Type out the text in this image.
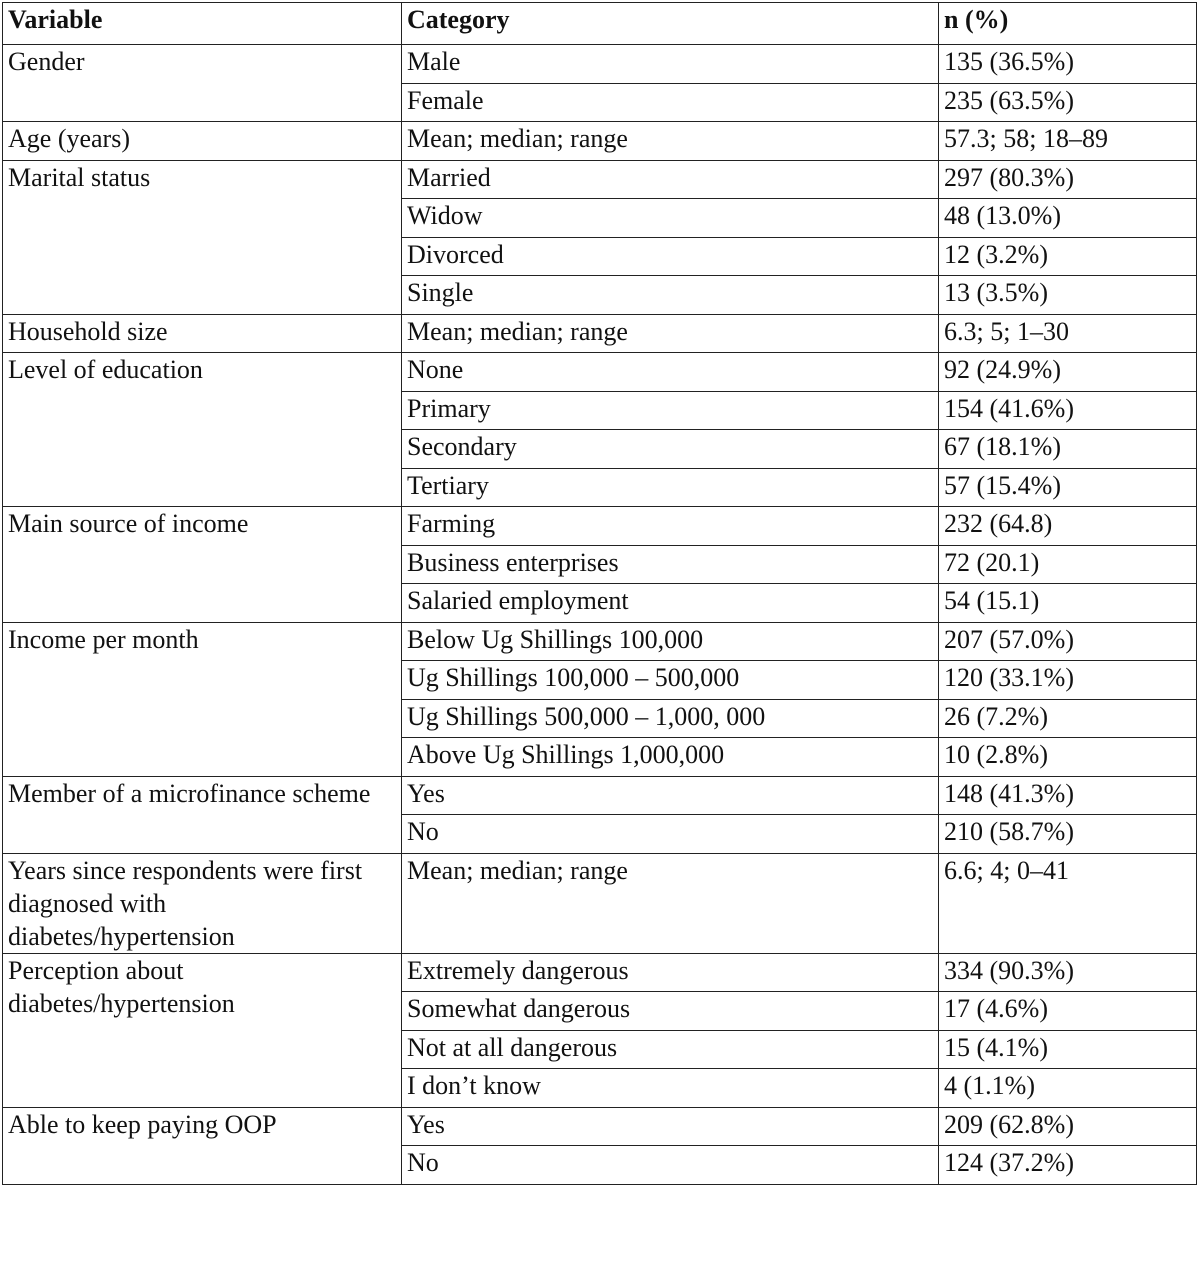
Variable	Category	n (%)
Gender	Male	135 (36.5%)
	Female	235 (63.5%)
Age (years)	Mean; median; range	57.3; 58; 18–89
Marital status	Married	297 (80.3%)
	Widow	48 (13.0%)
	Divorced	12 (3.2%)
	Single	13 (3.5%)
Household size	Mean; median; range	6.3; 5; 1–30
Level of education	None	92 (24.9%)
	Primary	154 (41.6%)
	Secondary	67 (18.1%)
	Tertiary	57 (15.4%)
Main source of income	Farming	232 (64.8)
	Business enterprises	72 (20.1)
	Salaried employment	54 (15.1)
Income per month	Below Ug Shillings 100,000	207 (57.0%)
	Ug Shillings 100,000 – 500,000	120 (33.1%)
	Ug Shillings 500,000 – 1,000, 000	26 (7.2%)
	Above Ug Shillings 1,000,000	10 (2.8%)
Member of a microfinance scheme	Yes	148 (41.3%)
	No	210 (58.7%)
Years since respondents were first diagnosed with diabetes/hypertension	Mean; median; range	6.6; 4; 0–41
Perception about diabetes/hypertension	Extremely dangerous	334 (90.3%)
	Somewhat dangerous	17 (4.6%)
	Not at all dangerous	15 (4.1%)
	I don’t know	4 (1.1%)
Able to keep paying OOP	Yes	209 (62.8%)
	No	124 (37.2%)
